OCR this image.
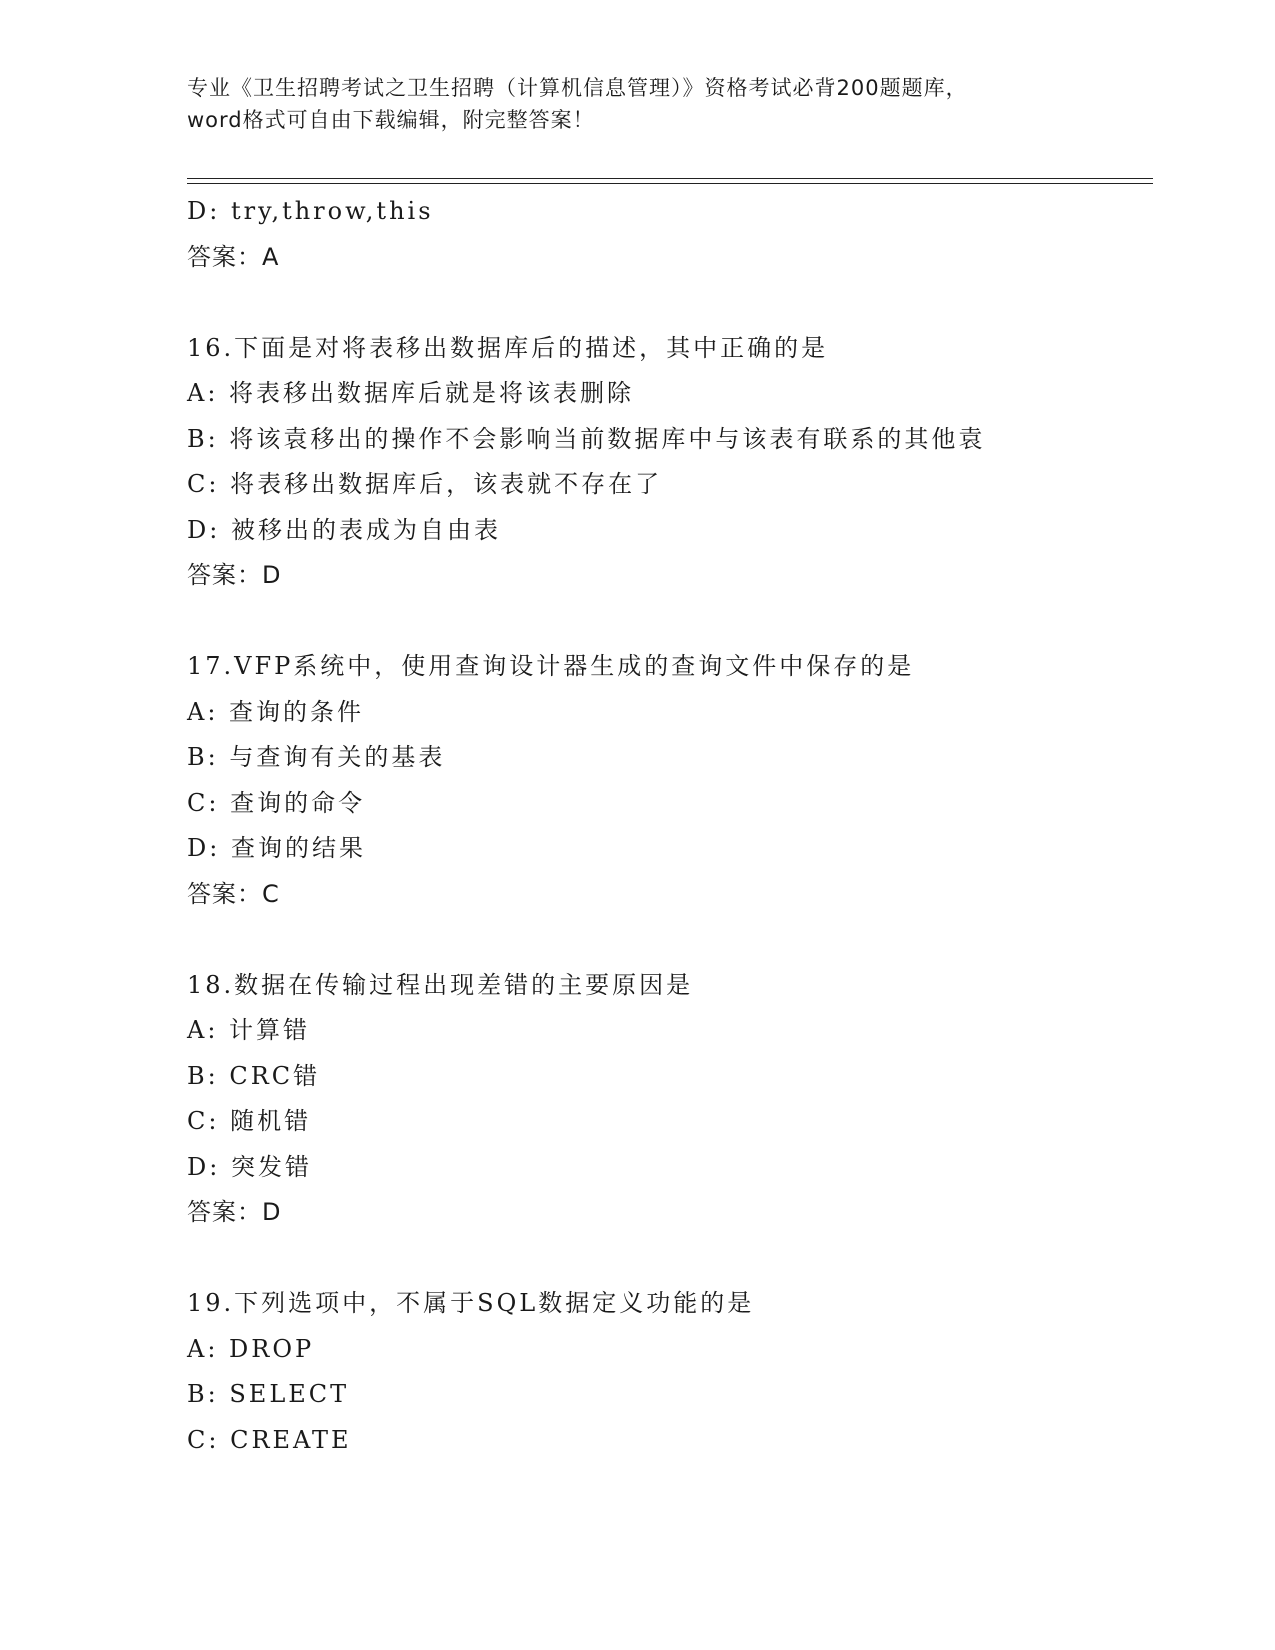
专业《卫生招聘考试之卫生招聘（计算机信息管理）》资格考试必背200题题库，
word格式可自由下载编辑，附完整答案！
D: try,throw,this
答案：A
16.下面是对将表移出数据库后的描述，其中正确的是
A: 将表移出数据库后就是将该表删除
B: 将该袁移出的操作不会影响当前数据库中与该表有联系的其他袁
C: 将表移出数据库后，该表就不存在了
D: 被移出的表成为自由表
答案：D
17.VFP系统中，使用查询设计器生成的查询文件中保存的是
A: 查询的条件
B: 与查询有关的基表
C: 查询的命令
D: 查询的结果
答案：C
18.数据在传输过程出现差错的主要原因是
A: 计算错
B: CRC错
C: 随机错
D: 突发错
答案：D
19.下列选项中，不属于SQL数据定义功能的是
A: DROP
B: SELECT
C: CREATE
